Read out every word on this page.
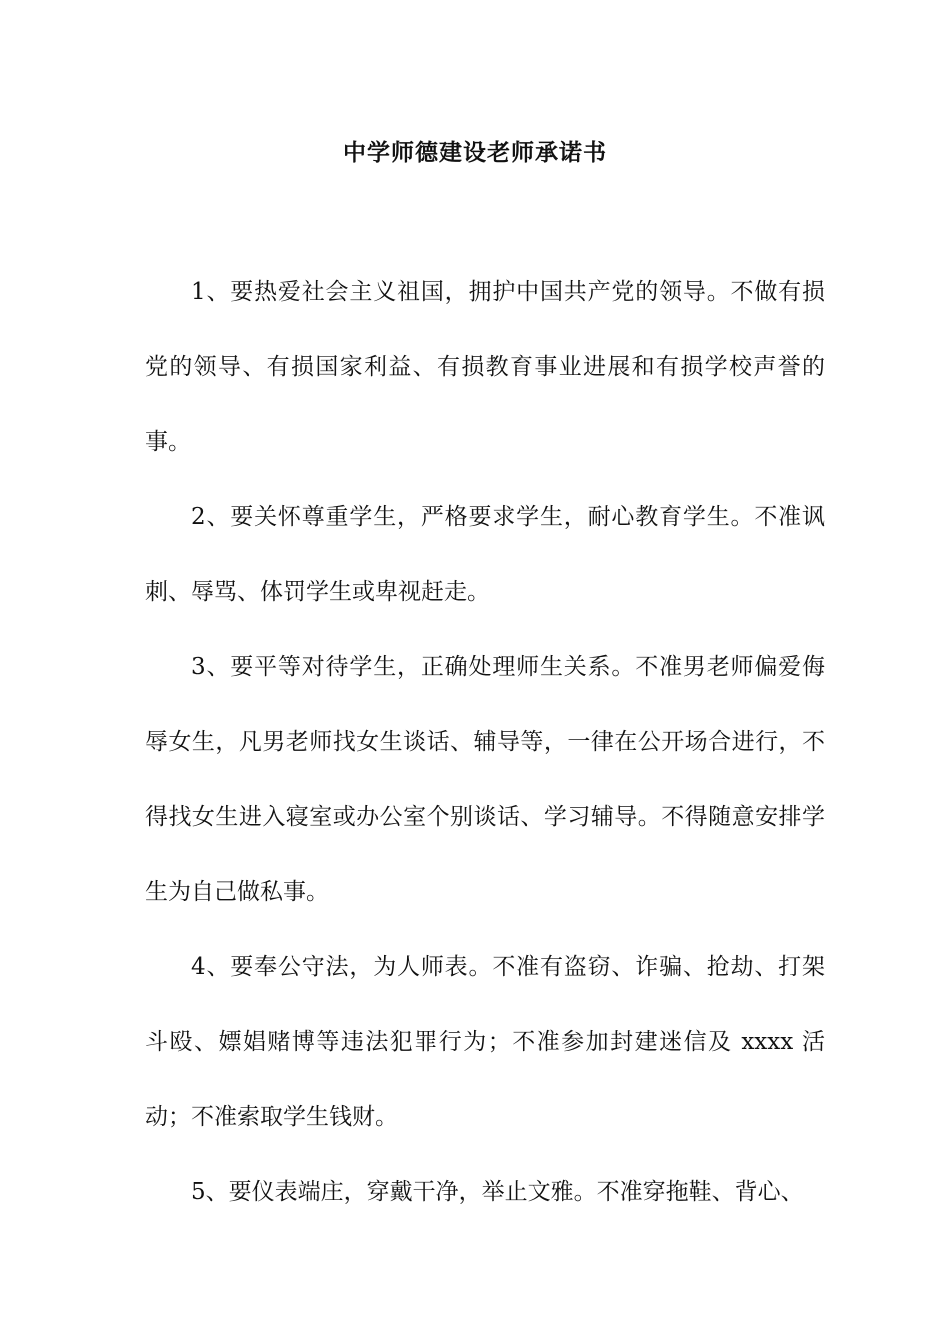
中学师德建设老师承诺书

1、要热爱社会主义祖国，拥护中国共产党的领导。不做有损党的领导、有损国家利益、有损教育事业进展和有损学校声誉的事。

2、要关怀尊重学生，严格要求学生，耐心教育学生。不准讽刺、辱骂、体罚学生或卑视赶走。

3、要平等对待学生，正确处理师生关系。不准男老师偏爱侮辱女生，凡男老师找女生谈话、辅导等，一律在公开场合进行，不得找女生进入寝室或办公室个别谈话、学习辅导。不得随意安排学生为自己做私事。

4、要奉公守法，为人师表。不准有盗窃、诈骗、抢劫、打架斗殴、嫖娼赌博等违法犯罪行为；不准参加封建迷信及 xxxx 活动；不准索取学生钱财。

5、要仪表端庄，穿戴干净，举止文雅。不准穿拖鞋、背心、
